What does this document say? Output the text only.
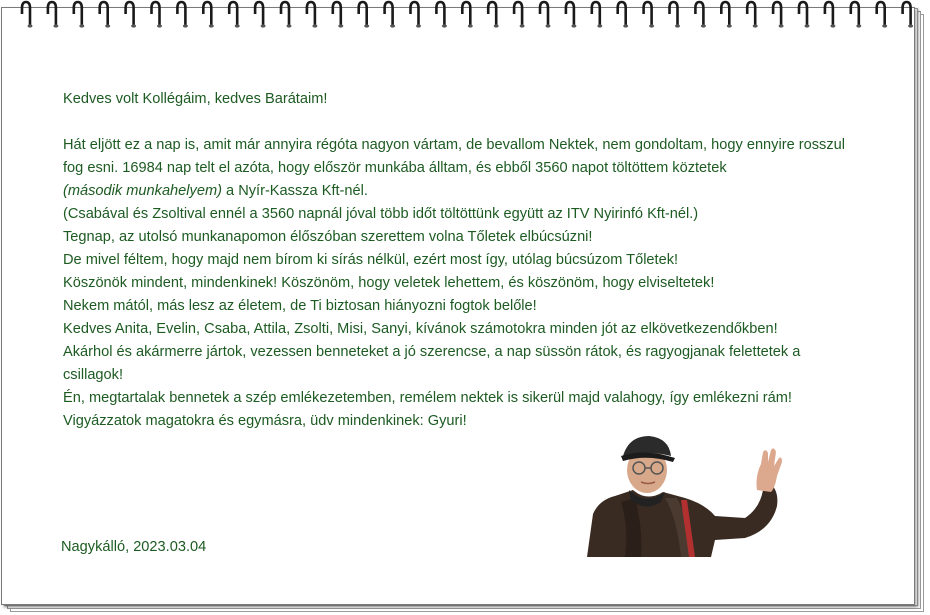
Kedves volt Kollégáim, kedves Barátaim!

Hát eljött ez a nap is, amit már annyira régóta nagyon vártam, de bevallom Nektek, nem gondoltam, hogy ennyire rosszul fog esni. 16984 nap telt el azóta, hogy először munkába álltam, és ebből 3560 napot töltöttem köztetek
(második munkahelyem) a Nyír-Kassza Kft-nél.

(Csabával és Zsoltival ennél a 3560 napnál jóval több időt töltöttünk együtt az ITV Nyirinfó Kft-nél.)

Tegnap, az utolsó munkanapomon élőszóban szerettem volna Tőletek elbúcsúzni!

De mivel féltem, hogy majd nem bírom ki sírás nélkül, ezért most így, utólag búcsúzom Tőletek!

Köszönök mindent, mindenkinek! Köszönöm, hogy veletek lehettem, és köszönöm, hogy elviseltetek!

Nekem mától, más lesz az életem, de Ti biztosan hiányozni fogtok belőle!

Kedves Anita, Evelin, Csaba, Attila, Zsolti, Misi, Sanyi, kívánok számotokra minden jót az elkövetkezendőkben!

Akárhol és akármerre jártok, vezessen benneteket a jó szerencse, a nap süssön rátok, és ragyogjanak felettetek a csillagok!

Én, megtartalak bennetek a szép emlékezetemben, remélem nektek is sikerül majd valahogy, így emlékezni rám!

Vigyázzatok magatokra és egymásra, üdv mindenkinek: Gyuri!

Nagykálló, 2023.03.04
